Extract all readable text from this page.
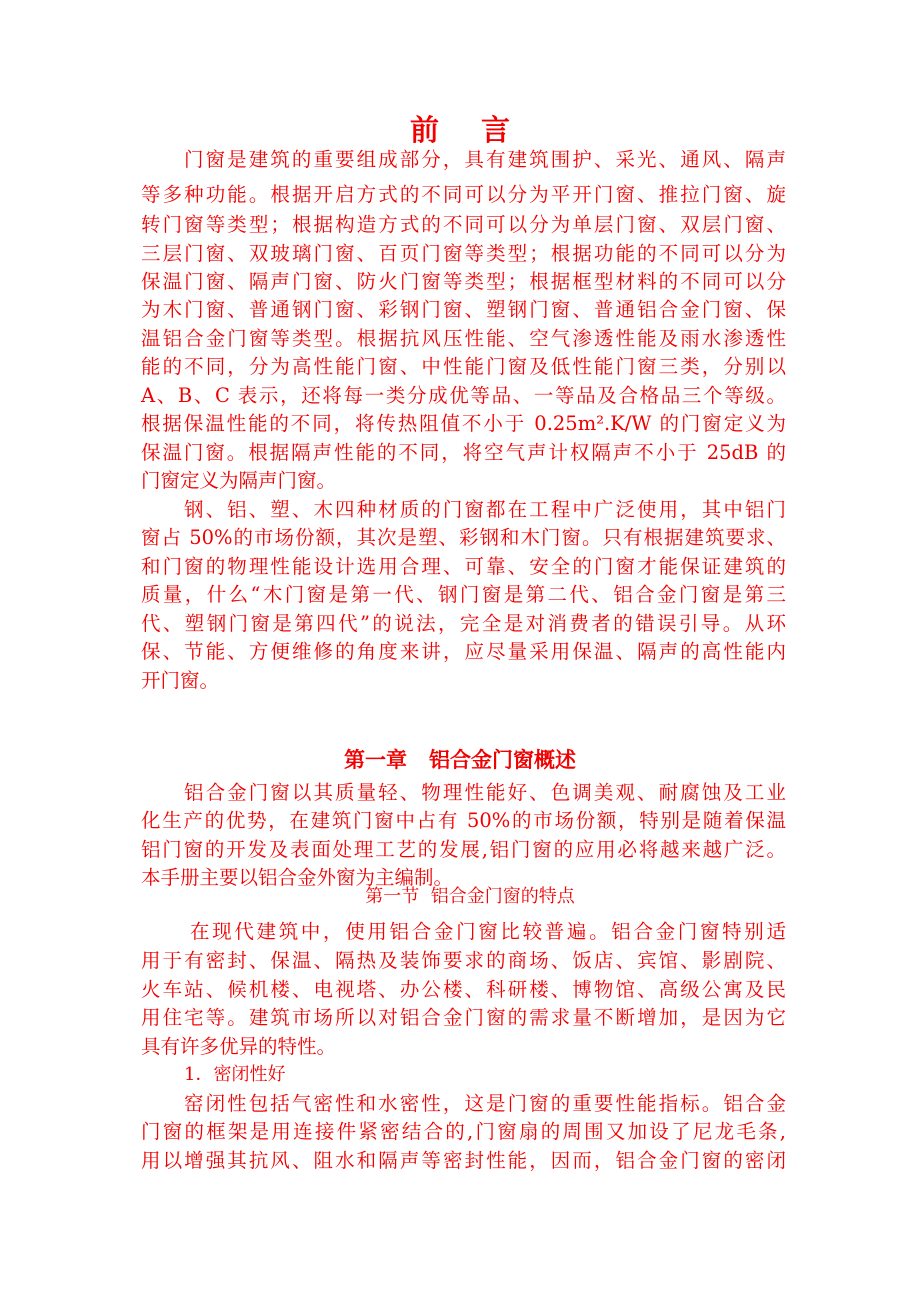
前 言
门窗是建筑的重要组成部分，具有建筑围护、采光、通风、隔声
等多种功能。根据开启方式的不同可以分为平开门窗、推拉门窗、旋
转门窗等类型；根据构造方式的不同可以分为单层门窗、双层门窗、
三层门窗、双玻璃门窗、百页门窗等类型；根据功能的不同可以分为
保温门窗、隔声门窗、防火门窗等类型；根据框型材料的不同可以分
为木门窗、普通钢门窗、彩钢门窗、塑钢门窗、普通铝合金门窗、保
温铝合金门窗等类型。根据抗风压性能、空气渗透性能及雨水渗透性
能的不同，分为高性能门窗、中性能门窗及低性能门窗三类，分别以
A、B、C 表示，还将每一类分成优等品、一等品及合格品三个等级。
根据保温性能的不同，将传热阻值不小于 0.25m².K/W 的门窗定义为
保温门窗。根据隔声性能的不同，将空气声计权隔声不小于 25dB 的
门窗定义为隔声门窗。
钢、铝、塑、木四种材质的门窗都在工程中广泛使用，其中铝门
窗占 50%的市场份额，其次是塑、彩钢和木门窗。只有根据建筑要求、
和门窗的物理性能设计选用合理、可靠、安全的门窗才能保证建筑的
质量，什么“木门窗是第一代、钢门窗是第二代、铝合金门窗是第三
代、塑钢门窗是第四代”的说法，完全是对消费者的错误引导。从环
保、节能、方便维修的角度来讲，应尽量采用保温、隔声的高性能内
开门窗。
第一章   铝合金门窗概述
铝合金门窗以其质量轻、物理性能好、色调美观、耐腐蚀及工业
化生产的优势，在建筑门窗中占有 50%的市场份额，特别是随着保温
铝门窗的开发及表面处理工艺的发展,铝门窗的应用必将越来越广泛。
本手册主要以铝合金外窗为主编制。
第一节  铝合金门窗的特点
在现代建筑中，使用铝合金门窗比较普遍。铝合金门窗特别适
用于有密封、保温、隔热及装饰要求的商场、饭店、宾馆、影剧院、
火车站、候机楼、电视塔、办公楼、科研楼、博物馆、高级公寓及民
用住宅等。建筑市场所以对铝合金门窗的需求量不断增加，是因为它
具有许多优异的特性。
1．密闭性好
窑闭性包括气密性和水密性，这是门窗的重要性能指标。铝合金
门窗的框架是用连接件紧密结合的,门窗扇的周围又加设了尼龙毛条,
用以增强其抗风、阻水和隔声等密封性能，因而，铝合金门窗的密闭
